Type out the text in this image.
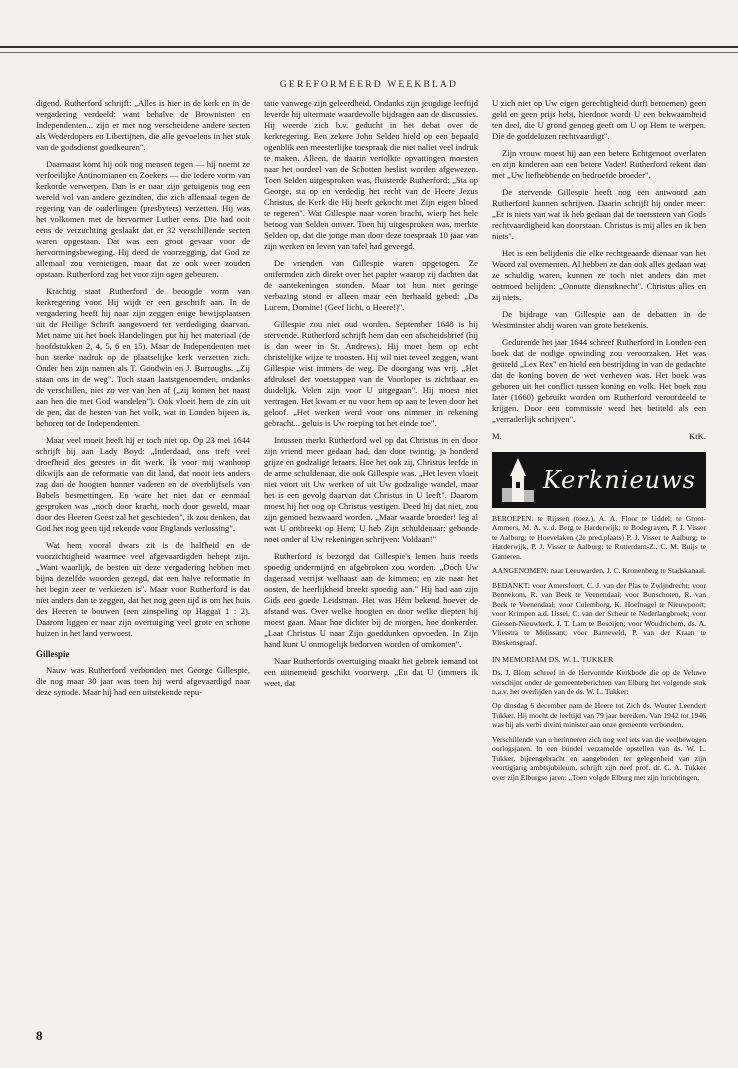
GEREFORMEERD WEEKBLAD

digend. Rutherford schrijft: „Alles is hier in de kerk en in de vergadering verdeeld: want behalve de Brownisten en Independenten... zijn er met nog verscheidene andere secten als Wederdopers en Libertijnen, die alle gevoelens in het stuk van de godsdienst goedkeuren".

Daarnaast komt hij ook nog mensen tegen — hij noemt ze verfoeilijke Antinomianen en Zoekers — die iedere vorm van kerkorde verwerpen. Dan is er naar zijn getuigenis nog een wereld vol van andere gezindten, die zich allemaal tegen de regering van de ouderlingen (presbyters) verzetten. Hij was het volkomen met de hervormer Luther eens. Die had ooit eens de verzuchting geslaakt dat er 32 verschillende secten waren opgestaan. Dat was een groot gevaar voor de hervormingsbeweging. Hij deed de voorzegging, dat God ze allemaal zou vernietigen, maar dat ze ook weer zouden opstaan. Rutherford zag het voor zijn ogen gebeuren.

Krachtig staat Rutherford de beoogde vorm van kerkregering voor. Hij wijdt er een geschrift aan. In de vergadering heeft hij naar zijn zeggen enige bewijsplaatsen uit de Heilige Schrift aangevoerd ter verdediging daarvan. Met name uit het boek Handelingen put hij het materiaal (de hoofdstukken 2, 4, 5, 6 en 15). Maar de Independenten met hun sterke nadruk op de plaatselijke kerk verzetten zich. Onder hen zijn namen als T. Goodwin en J. Burroughs. „Zij staan ons in de weg". Toch staan laatstgenoemden, ondanks de verschillen, niet zo ver van hen af („zij komen het naast aan hen die met God wandelen"). Ook vloeit hem de zin uit de pen, dat de besten van het volk, wat in Londen bijeen is, behoren tot de Independenten.

Maar veel moeit heeft hij er toch niet op. Op 23 mei 1644 schrijft hij aan Lady Boyd: „Inderdaad, ons treft veel droefheid des geestes in dit werk. Ik voor mij wanhoop dikwijls aan de reformatie van dit land, dat nooit iets anders zag dan de hoogten hunner vaderen en de overblijfsels van Babels besmettingen. En ware het niet dat er eenmaal gesproken was „noch door kracht, noch door geweld, maar door des Heeren Geest zal het geschieden", ik zou denken, dat God het nog geen tijd rekende voor Englands verlossing".

Wat hem vooral dwars zit is de halfheid en de voorzichtigheid waarmee veel afgevaardigden behept zijn. „Want waarlijk, de besten uit deze vergadering hebben met bijna dezelfde woorden gezegd, dat een halve reformatie in het begin zeer te verkiezen is". Maar voor Rutherford is dat niet anders dan te zeggen, dat het nog geen tijd is om het huis des Heeren te bouwen (een zinspeling op Haggaï 1 : 2). Daarom liggen er naar zijn overtuiging veel grote en schone huizen in het land verwoest.

Gillespie

Nauw was Rutherford verbonden met George Gillespie, die nog maar 30 jaar was toen hij werd afgevaardigd naar deze synode. Maar hij had een uitstekende repu-

tatie vanwege zijn geleerdheid. Ondanks zijn jeugdige leeftijd leverde hij uitermate waardevolle bijdragen aan de discussies. Hij weerde zich b.v. geducht in het debat over de kerkregering. Een zekere John Selden hield op een bepaald ogenblik een meesterlijke toespraak die niet naliet veel indruk te maken. Alleen, de daarin vertolkte opvattingen moesten naar het oordeel van de Schotten beslist worden afgewezen. Toen Selden uitgesproken was, fluisterde Rutherford: „Sta op George, sta op en verdedig het recht van de Heere Jezus Christus, de Kerk die Hij heeft gekocht met Zijn eigen bloed te regeren". Wat Gillespie naar voren bracht, wierp het hele betoog van Selden omver. Toen hij uitgesproken was, merkte Selden op, dat die jonge man door deze toespraak 10 jaar van zijn werken en leven van tafel had geveegd.

De vrienden van Gillespie waren opgetogen. Ze ontfermden zich direkt over het papier waarop zij dachten dat de aantekeningen stonden. Maar tot hun niet geringe verbazing stond er alleen maar een herhaald gebed: „Da Lucem, Domine! (Geef licht, o Heere!)".

Gillespie zou niet oud worden. September 1648 is hij stervende. Rutherford schrijft hem dan een afscheidsbrief (hij is dan weer in St. Andrews). Hij moet hem op echt christelijke wijze te troosten. Hij wil niet teveel zeggen, want Gillespie wist immers de weg. De doorgang was vrij. „Het afdruksel der voetstappen van de Voorloper is zichtbaar en duidelijk. Velen zijn voor U uitgegaan". Hij moest niet vertragen. Het kwam er nu voor hem op aan te leven door het geloof. „Het werken werd voor ons nimmer in rekening gebracht... geluis is Uw roeping tot het einde toe".

Intussen merkt Rutherford wel op dat Christus in en door zijn vriend meer gedaan had, dan door twintig, ja honderd grijze en godzalige leraars. Hoe het ook zij, Christus leefde in de arme schuldenaar, die ook Gillespie was. „Het leven vloeit niet voort uit Uw werken of uit Uw godzalige wandel, maar het is een gevolg daarvan dat Christus in U leeft". Daarom moest hij het oog op Christus vestigen. Deed hij dat niet, zou zijn gemoed bezwaard worden. „Maar waarde broeder! leg al wat U ontbreekt op Hem; U heb Zijn schuldenaar; gebonde noet onder al Uw rekeningen schrijven: Voldaan!"

Rutherford is bezorgd dat Gillespie's lemen huis reeds spoedig ondermijnd en afgebroken zou worden. „Doch Uw dageraad verrijst welhaast aan de kimmen; en zie naar het oosten, de heerlijkheid breekt spoedig aan." Hij had aan zijn Gids een goede Leidsman. Het was Hém bekend hoever de afstand was. Over welke hoogten en door welke diepten hij moest gaan. Maar hoe dichter bij de morgen, hoe donkerder. „Laat Christus U naar Zijn goeddunken opvoeden. In Zijn hand kunt U onmogelijk bedorven worden of omkomen".

Naar Rutherfords overtuiging maakt het gebrek iemand tot een uitnemend geschikt voorwerp. „En dat U (immers ik weet, dat

U zich niet op Uw eigen gerechtigheid durft beroemen) geen geld en geen prijs hebt, hierdoor wordt U een bekwaamheid ten deel, die U grond genoeg geeft om U op Hem te werpen. Die de goddelozen rechtvaardigt".

Zijn vrouw moest hij aan een betere Echtgenoot overlaten en zijn kinderen aan een betere Vader! Rutherford tekent dan met „Uw liefhebbende en bedroefde broeder".

De stervende Gillespie heeft nog een antwoord aan Rutherford kunnen schrijven. Daarin schrijft hij onder meer: „Er is niets van wat ik heb gedaan dat de toetssteen van Gods rechtvaardigheid kan doorstaan. Christus is mij alles en ik ben niets".

Het is een belijdenis die elke rechtgeaarde dienaar van het Woord zal overnemen. Al hebben ze dan ook alles gedaan wat ze schuldig waren, kunnen ze toch niet anders dan met ootmoed belijden: „Onnutte dienstknecht". Christus alles en zij niets.

De bijdrage van Gillespie aan de debatten in de Westminster abdij waren van grote betekenis.

Gedurende het jaar 1644 schreef Rutherford in Londen een boek dat de nodige opwinding zou veroorzaken. Het was getiteld „Lex Rex" en hield een bestrijding in van de gedachte dat de koning boven de wet verheven was. Het boek was geboren uit het conflict tussen koning en volk. Het boek zou later (1660) gebruikt worden om Rutherford veroordeeld te krijgen. Door een commissie werd het betiteld als een „verraderlijk schrijven".

M.	KtK.
Kerknieuws

BEROEPEN: te Rijssen (toez.), A. A. Floor te Uddel; te Groot-Ammers, M. A. v. d. Berg te Harderwijk; te Bodegraven, P. J. Visser te Aalburg; te Hoevelaken (2e pred.plaats) P. J. Visser te Aalburg; te Harderwijk, P. J. Visser te Aalburg; te Rotterdam-Z., C. M. Buijs te Gameren.

AANGENOMEN: naar Leeuwarden, J. C. Kronenberg te Stadskanaal.

BEDANKT: voor Amersfoort, C. J. van der Plas te Zwijndrecht; voor Bennekom, R. van Beek te Veenendaal; voor Bunschoten, R. van Beek te Veenendaal; voor Culemborg, K. Hoefnagel te Nieuwpoort; voor Krimpen a.d. IJssel, C. van der Scheur te Nederlangbroek; voor Giessen-Nieuwkerk, J. T. Lam te Besoijen; voor Woudrichem, ds. A. Vlietstra te Melissant; voor Barneveld, P. van der Kraan te Bleskensgraaf.

IN MEMORIAM DS. W. L. TUKKER

Ds. J. Blom schreef in de Hervormde Kerkbode die op de Veluwe verschijnt onder de gemeenteberichten van Elburg het volgende stuk n.a.v. het overlijden van de ds. W. L. Tukker:

Op dinsdag 6 december nam de Heere tot Zich ds. Wouter Leendert Tukker. Hij mocht de leeftijd van 79 jaar bereiken. Van 1942 tot 1946 was hij als verbi divini minister aan onze gemeente verbonden.

Verschillende van u herinneren zich nog wel iets van die veelbewogen oorlogsjaren. In een bundel verzamelde opstellen van ds. W. L. Tukker, bijeengebracht en aangeboden ter gelegenheid van zijn veertigjarig ambtsjubileum, schrijft zijn neef prof. dr. C. A. Tukker over zijn Elburgse jaren: „Toen volgde Elburg met zijn inrichtingen,

8
